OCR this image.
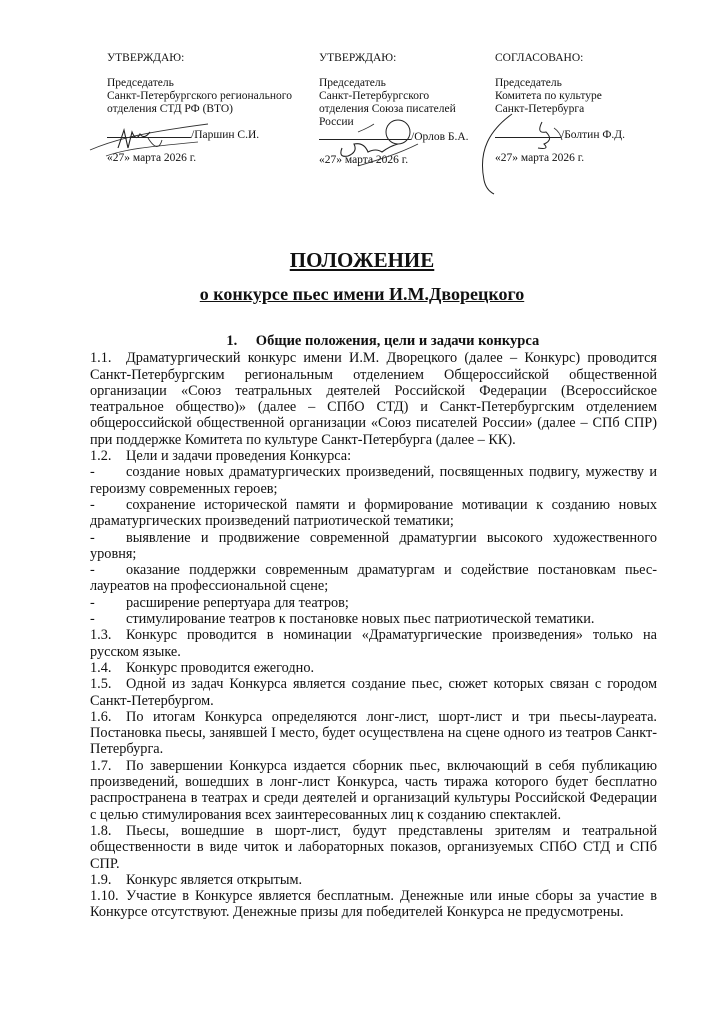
УТВЕРЖДАЮ:
Председатель
Санкт-Петербургского регионального
отделения СТД РФ (ВТО)
/Паршин С.И.
«27» марта 2026 г.
УТВЕРЖДАЮ:
Председатель
Санкт-Петербургского
отделения Союза писателей
России
/Орлов Б.А.
«27» марта 2026 г.
СОГЛАСОВАНО:
Председатель
Комитета по культуре
Санкт-Петербурга
/Болтин Ф.Д.
«27» марта 2026 г.
ПОЛОЖЕНИЕ
о конкурсе пьес имени И.М.Дворецкого
1. Общие положения, цели и задачи конкурса
1.1. Драматургический конкурс имени И.М. Дворецкого (далее – Конкурс) проводится Санкт-Петербургским региональным отделением Общероссийской общественной организации «Союз театральных деятелей Российской Федерации (Всероссийское театральное общество)» (далее – СПбО СТД) и Санкт-Петербургским отделением общероссийской общественной организации «Союз писателей России» (далее – СПб СПР) при поддержке Комитета по культуре Санкт-Петербурга (далее – КК).
1.2. Цели и задачи проведения Конкурса:
- создание новых драматургических произведений, посвященных подвигу, мужеству и героизму современных героев;
- сохранение исторической памяти и формирование мотивации к созданию новых драматургических произведений патриотической тематики;
- выявление и продвижение современной драматургии высокого художественного уровня;
- оказание поддержки современным драматургам и содействие постановкам пьес-лауреатов на профессиональной сцене;
- расширение репертуара для театров;
- стимулирование театров к постановке новых пьес патриотической тематики.
1.3. Конкурс проводится в номинации «Драматургические произведения» только на русском языке.
1.4. Конкурс проводится ежегодно.
1.5. Одной из задач Конкурса является создание пьес, сюжет которых связан с городом Санкт-Петербургом.
1.6. По итогам Конкурса определяются лонг-лист, шорт-лист и три пьесы-лауреата. Постановка пьесы, занявшей I место, будет осуществлена на сцене одного из театров Санкт-Петербурга.
1.7. По завершении Конкурса издается сборник пьес, включающий в себя публикацию произведений, вошедших в лонг-лист Конкурса, часть тиража которого будет бесплатно распространена в театрах и среди деятелей и организаций культуры Российской Федерации с целью стимулирования всех заинтересованных лиц к созданию спектаклей.
1.8. Пьесы, вошедшие в шорт-лист, будут представлены зрителям и театральной общественности в виде читок и лабораторных показов, организуемых СПбО СТД и СПб СПР.
1.9. Конкурс является открытым.
1.10. Участие в Конкурсе является бесплатным. Денежные или иные сборы за участие в Конкурсе отсутствуют. Денежные призы для победителей Конкурса не предусмотрены.
